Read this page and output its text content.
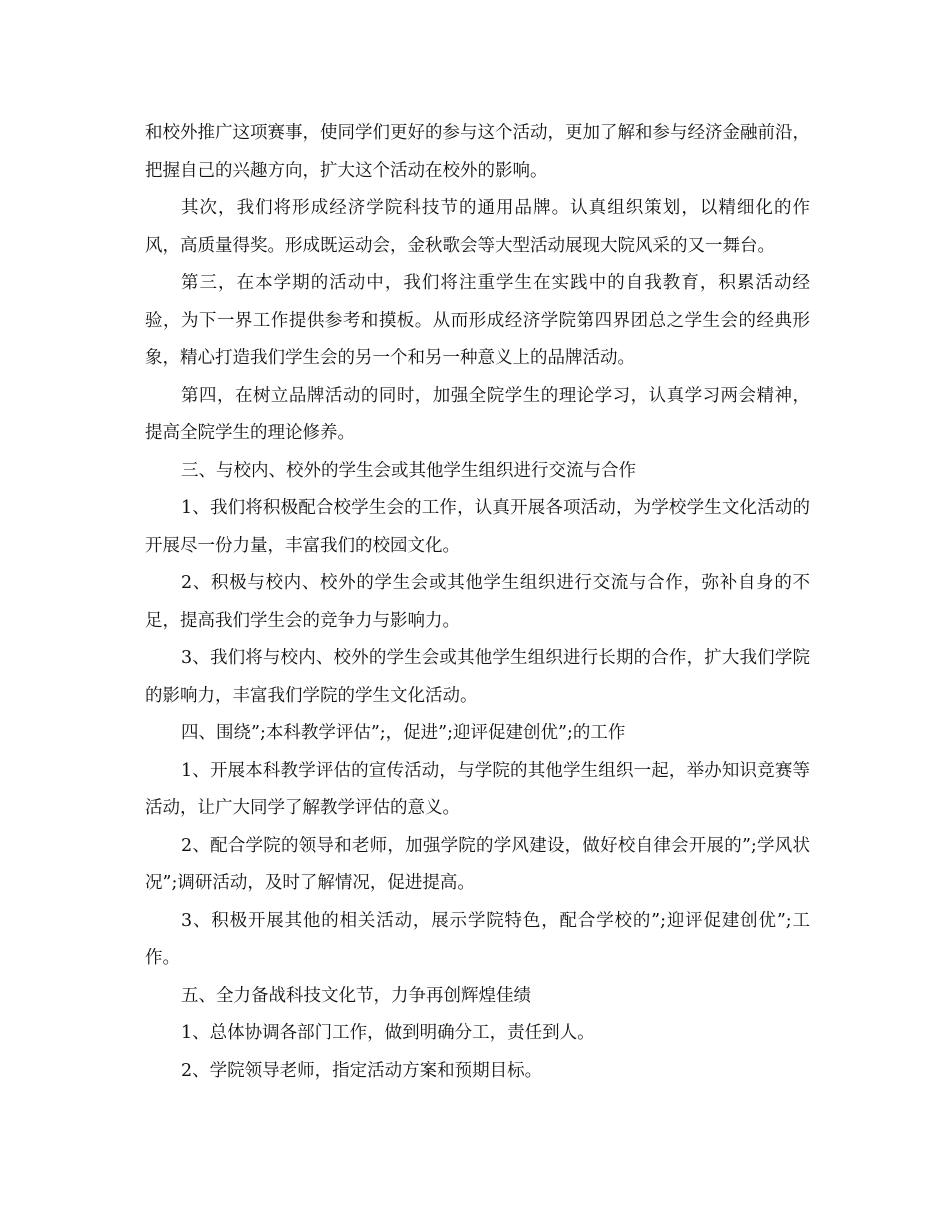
和校外推广这项赛事，使同学们更好的参与这个活动，更加了解和参与经济金融前沿，把握自己的兴趣方向，扩大这个活动在校外的影响。

其次，我们将形成经济学院科技节的通用品牌。认真组织策划，以精细化的作风，高质量得奖。形成既运动会，金秋歌会等大型活动展现大院风采的又一舞台。

第三，在本学期的活动中，我们将注重学生在实践中的自我教育，积累活动经验，为下一界工作提供参考和摸板。从而形成经济学院第四界团总之学生会的经典形象，精心打造我们学生会的另一个和另一种意义上的品牌活动。

第四，在树立品牌活动的同时，加强全院学生的理论学习，认真学习两会精神，提高全院学生的理论修养。

三、与校内、校外的学生会或其他学生组织进行交流与合作

1、我们将积极配合校学生会的工作，认真开展各项活动，为学校学生文化活动的开展尽一份力量，丰富我们的校园文化。

2、积极与校内、校外的学生会或其他学生组织进行交流与合作，弥补自身的不足，提高我们学生会的竞争力与影响力。

3、我们将与校内、校外的学生会或其他学生组织进行长期的合作，扩大我们学院的影响力，丰富我们学院的学生文化活动。

四、围绕”;本科教学评估”;，促进”;迎评促建创优”;的工作

1、开展本科教学评估的宣传活动，与学院的其他学生组织一起，举办知识竞赛等活动，让广大同学了解教学评估的意义。

2、配合学院的领导和老师，加强学院的学风建设，做好校自律会开展的”;学风状况”;调研活动，及时了解情况，促进提高。

3、积极开展其他的相关活动，展示学院特色，配合学校的”;迎评促建创优”;工作。

五、全力备战科技文化节，力争再创辉煌佳绩

1、总体协调各部门工作，做到明确分工，责任到人。

2、学院领导老师，指定活动方案和预期目标。
